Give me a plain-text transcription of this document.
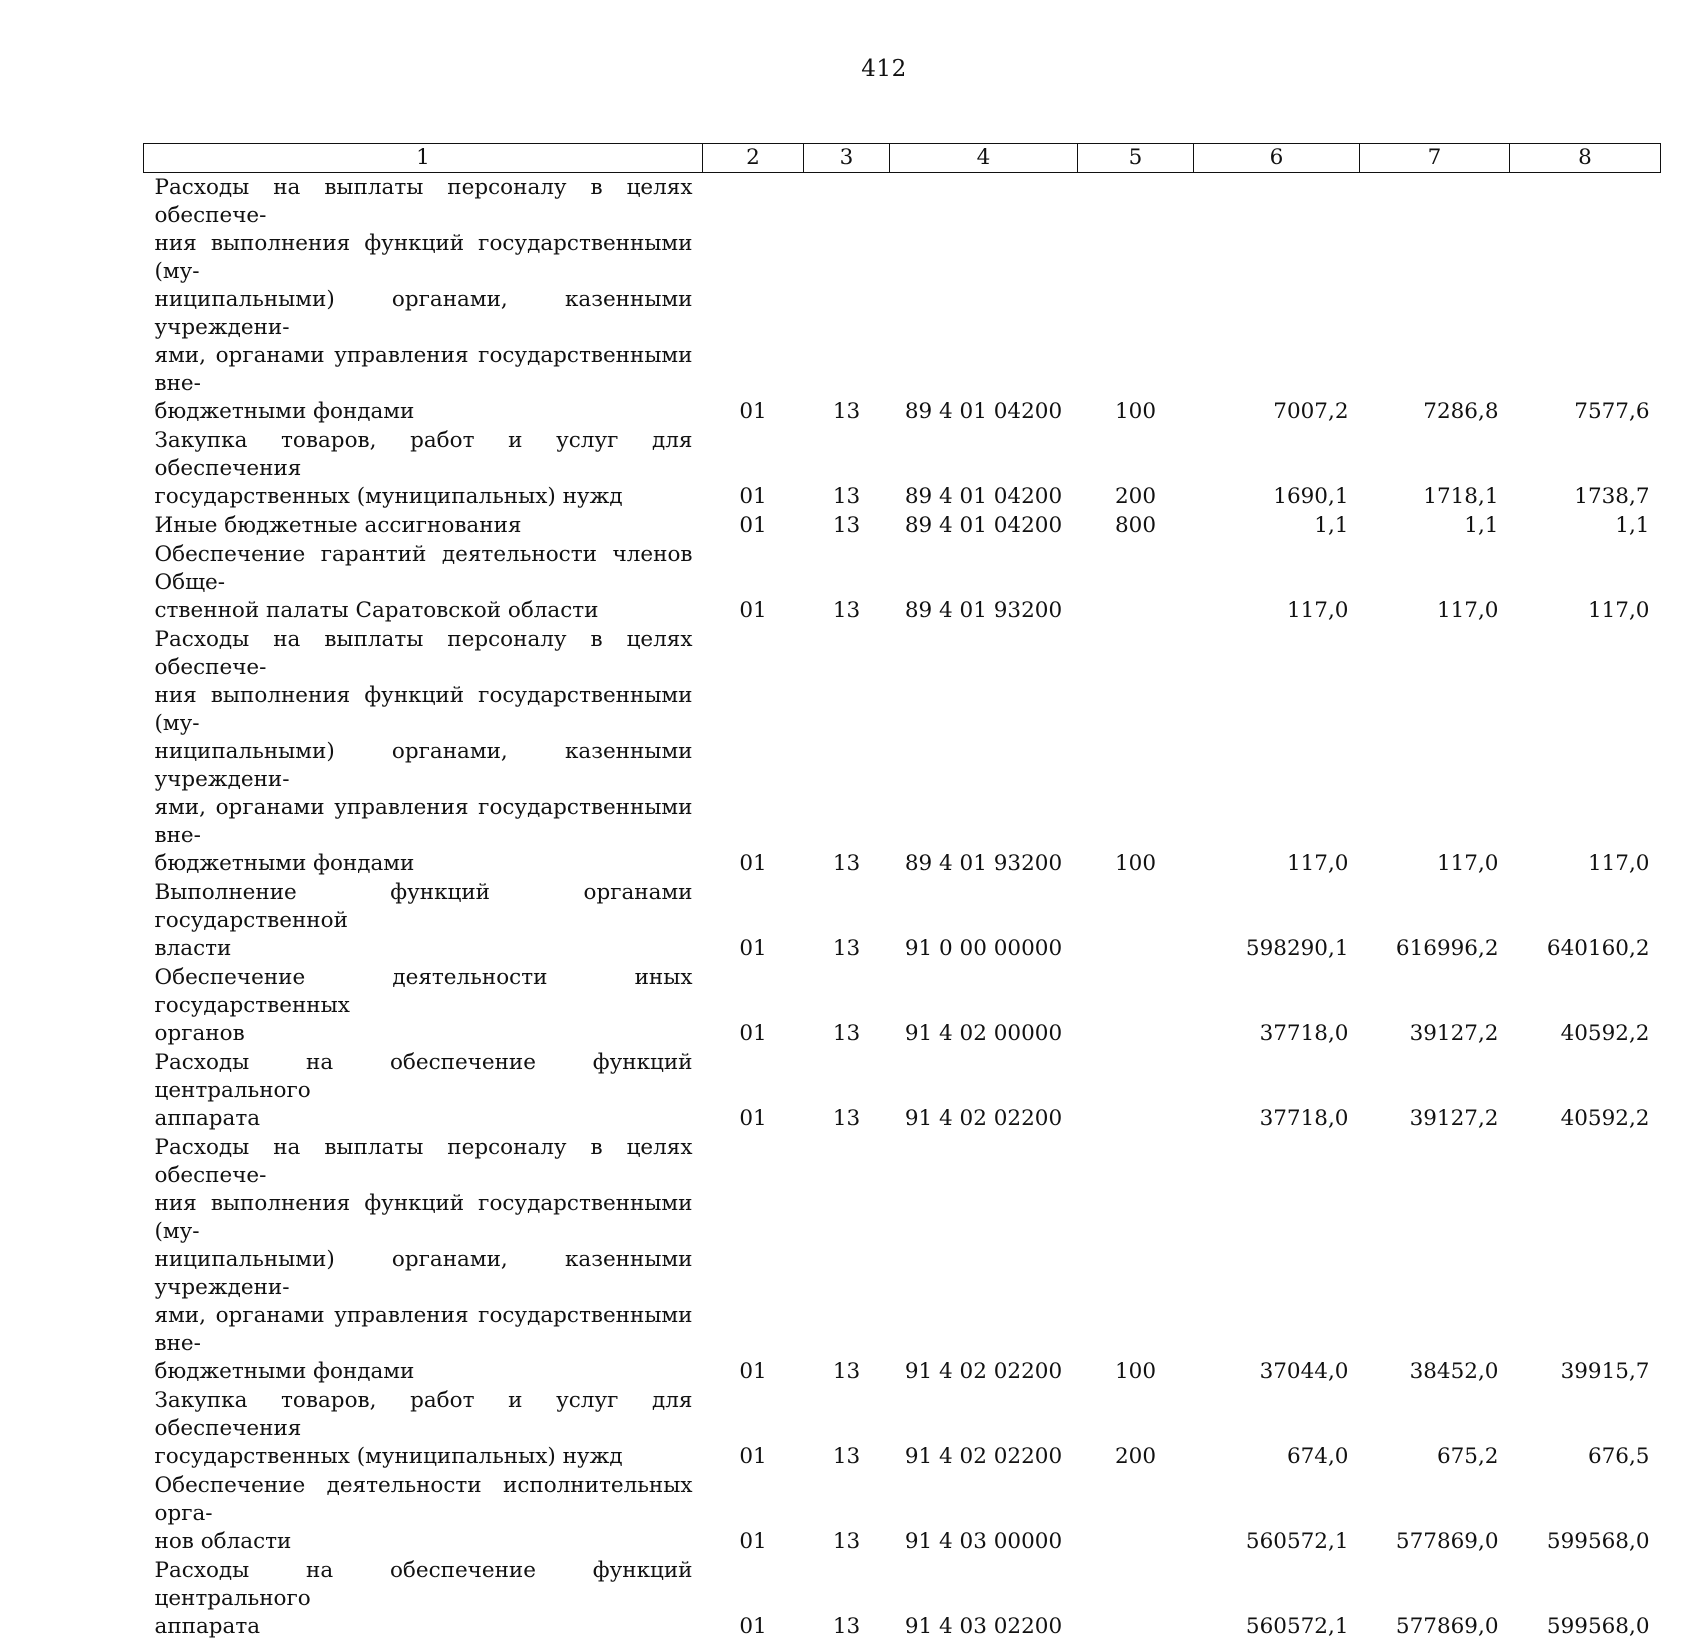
412
1	2	3	4	5	6	7	8

Расходы на выплаты персоналу в целях обеспече-
ния выполнения функций государственными (му-
ниципальными) органами, казенными учреждени-
ями, органами управления государственными вне-
бюджетными фондами	01	13	89 4 01 04200	100	7007,2	7286,8	7577,6

Закупка товаров, работ и услуг для обеспечения
государственных (муниципальных) нужд	01	13	89 4 01 04200	200	1690,1	1718,1	1738,7

Иные бюджетные ассигнования	01	13	89 4 01 04200	800	1,1	1,1	1,1

Обеспечение гарантий деятельности членов Обще-
ственной палаты Саратовской области	01	13	89 4 01 93200		117,0	117,0	117,0

Расходы на выплаты персоналу в целях обеспече-
ния выполнения функций государственными (му-
ниципальными) органами, казенными учреждени-
ями, органами управления государственными вне-
бюджетными фондами	01	13	89 4 01 93200	100	117,0	117,0	117,0

Выполнение функций органами государственной
власти	01	13	91 0 00 00000		598290,1	616996,2	640160,2

Обеспечение деятельности иных государственных
органов	01	13	91 4 02 00000		37718,0	39127,2	40592,2

Расходы на обеспечение функций центрального
аппарата	01	13	91 4 02 02200		37718,0	39127,2	40592,2

Расходы на выплаты персоналу в целях обеспече-
ния выполнения функций государственными (му-
ниципальными) органами, казенными учреждени-
ями, органами управления государственными вне-
бюджетными фондами	01	13	91 4 02 02200	100	37044,0	38452,0	39915,7

Закупка товаров, работ и услуг для обеспечения
государственных (муниципальных) нужд	01	13	91 4 02 02200	200	674,0	675,2	676,5

Обеспечение деятельности исполнительных орга-
нов области	01	13	91 4 03 00000		560572,1	577869,0	599568,0

Расходы на обеспечение функций центрального
аппарата	01	13	91 4 03 02200		560572,1	577869,0	599568,0
